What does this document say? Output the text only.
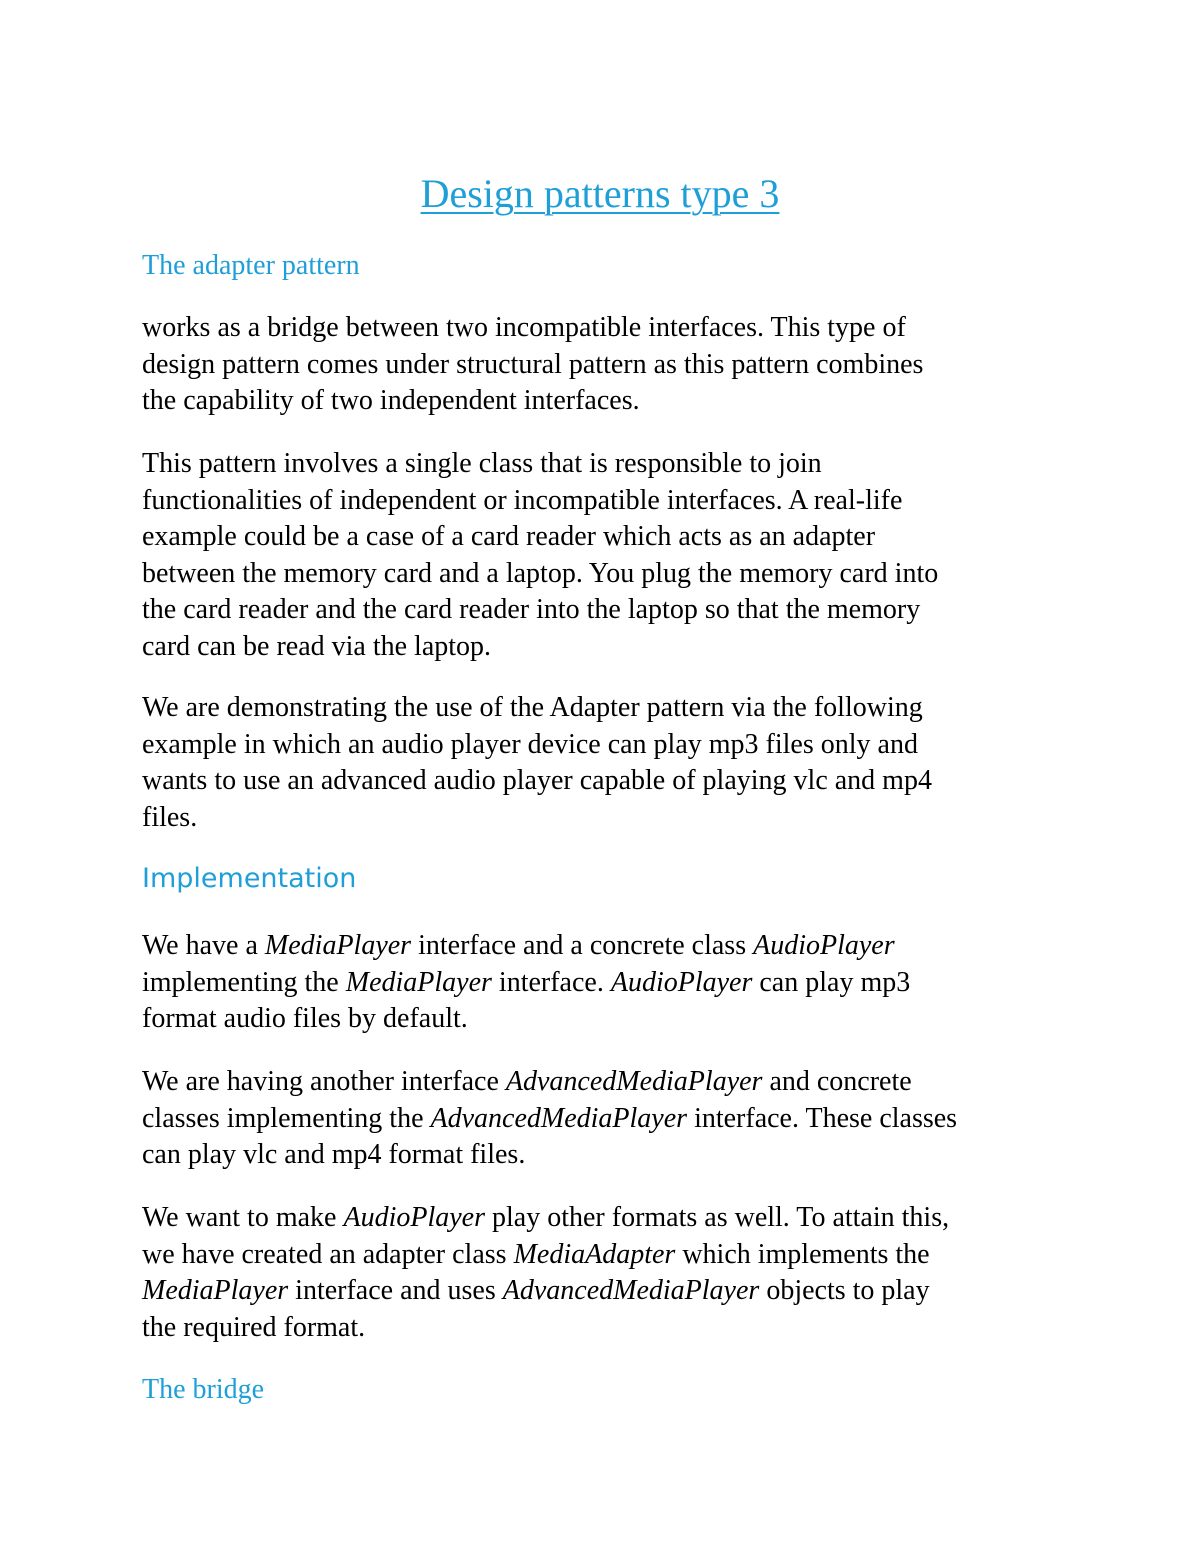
Design patterns type 3
The adapter pattern

works as a bridge between two incompatible interfaces. This type of
design pattern comes under structural pattern as this pattern combines
the capability of two independent interfaces.

This pattern involves a single class that is responsible to join
functionalities of independent or incompatible interfaces. A real-life
example could be a case of a card reader which acts as an adapter
between the memory card and a laptop. You plug the memory card into
the card reader and the card reader into the laptop so that the memory
card can be read via the laptop.

We are demonstrating the use of the Adapter pattern via the following
example in which an audio player device can play mp3 files only and
wants to use an advanced audio player capable of playing vlc and mp4
files.

Implementation

We have a MediaPlayer interface and a concrete class AudioPlayer
implementing the MediaPlayer interface. AudioPlayer can play mp3
format audio files by default.

We are having another interface AdvancedMediaPlayer and concrete
classes implementing the AdvancedMediaPlayer interface. These classes
can play vlc and mp4 format files.

We want to make AudioPlayer play other formats as well. To attain this,
we have created an adapter class MediaAdapter which implements the
MediaPlayer interface and uses AdvancedMediaPlayer objects to play
the required format.

The bridge
